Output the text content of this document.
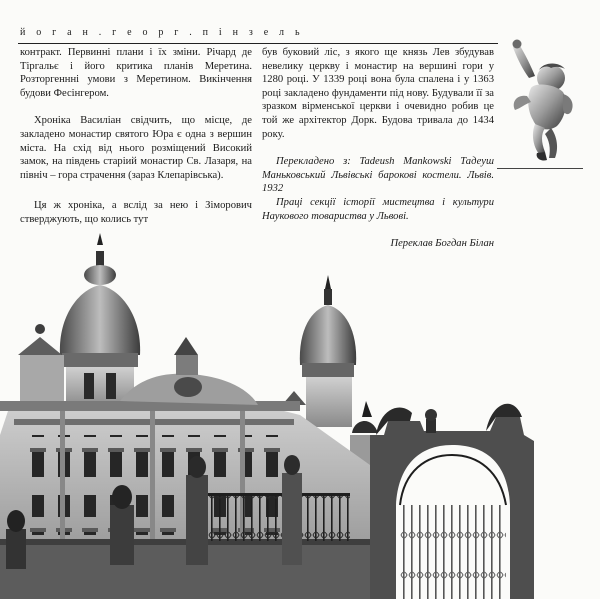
й о г а н . г е о р г . п і н з е л ь

контракт. Первинні плани і їх зміни. Річард де Тіргальє і його критика планів Меретина. Розторгеннні умови з Меретином. Викінчення будови Фесінгером.

Хроніка Василіан свідчить, що місце, де закладено монастир святого Юра є одна з вершин міста. На схід від нього розміщений Високий замок, на південь старіий монастир Св. Лазаря, на північ – гора страчення (зараз Клепарівська).

Ця ж хроніка, а вслід за нею і Зіморович стверджують, що колись тут

був буковий ліс, з якого ще князь Лев збудував невелику церкву і монастир на вершині гори у 1280 році. У 1339 році вона була спалена і у 1363 році закладено фундаменти під нову. Будували її за зразком вірменської церкви і очевидно робив це той же архітектор Дорк. Будова тривала до 1434 року.

Перекладено з: Tadeush Mankowski Тадеуш Маньковський Львівські барокові костели. Львів. 1932

Праці секції історії мистецтва і культури Наукового товариства у Львові.

Переклав Богдан Білан
